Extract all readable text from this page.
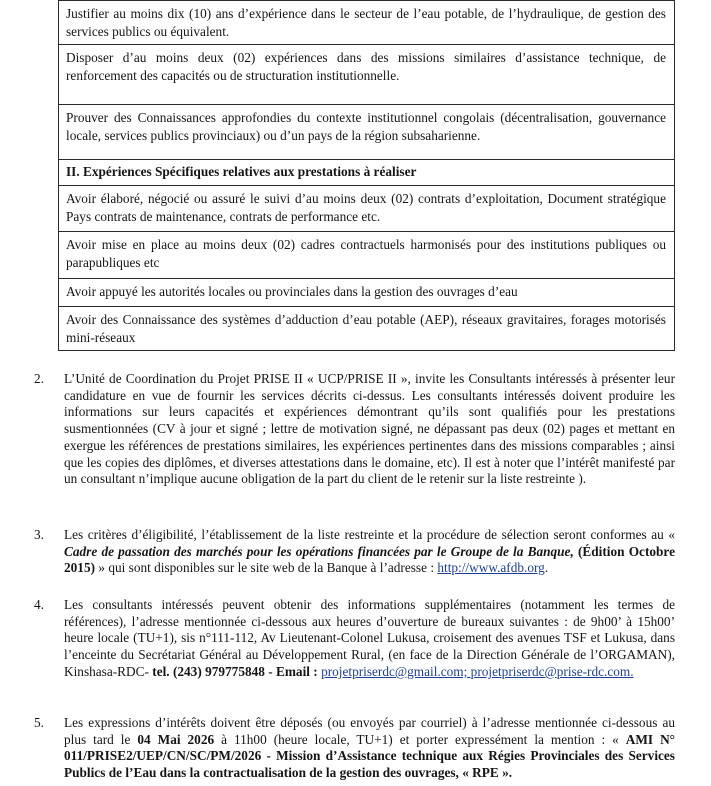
Justifier au moins dix (10) ans d’expérience dans le secteur de l’eau potable, de l’hydraulique, de gestion des services publics ou équivalent.
Disposer d’au moins deux (02) expériences dans des missions similaires d’assistance technique, de renforcement des capacités ou de structuration institutionnelle.
Prouver des Connaissances approfondies du contexte institutionnel congolais (décentralisation, gouvernance locale, services publics provinciaux) ou d’un pays de la région subsaharienne.
II. Expériences Spécifiques relatives aux prestations à réaliser
Avoir élaboré, négocié ou assuré le suivi d’au moins deux (02) contrats d’exploitation, Document stratégique Pays contrats de maintenance, contrats de performance etc.
Avoir mise en place au moins deux (02) cadres contractuels harmonisés pour des institutions publiques ou parapubliques etc
Avoir appuyé les autorités locales ou provinciales dans la gestion des ouvrages d’eau
Avoir des Connaissance des systèmes d’adduction d’eau potable (AEP), réseaux gravitaires, forages motorisés mini-réseaux
2.	L’Unité de Coordination du Projet PRISE II « UCP/PRISE II », invite les Consultants intéressés à présenter leur candidature en vue de fournir les services décrits ci-dessus. Les consultants intéressés doivent produire les informations sur leurs capacités et expériences démontrant qu’ils sont qualifiés pour les prestations susmentionnées (CV à jour et signé ; lettre de motivation signé, ne dépassant pas deux (02) pages et mettant en exergue les références de prestations similaires, les expériences pertinentes dans des missions comparables ; ainsi que les copies des diplômes, et diverses attestations dans le domaine, etc). Il est à noter que l’intérêt manifesté par un consultant n’implique aucune obligation de la part du client de le retenir sur la liste restreinte ).
3.	Les critères d’éligibilité, l’établissement de la liste restreinte et la procédure de sélection seront conformes au « Cadre de passation des marchés pour les opérations financées par le Groupe de la Banque, (Édition Octobre 2015) » qui sont disponibles sur le site web de la Banque à l’adresse : http://www.afdb.org.
4.	Les consultants intéressés peuvent obtenir des informations supplémentaires (notamment les termes de références), l’adresse mentionnée ci-dessous aux heures d’ouverture de bureaux suivantes : de 9h00’ à 15h00’ heure locale (TU+1), sis n°111-112, Av Lieutenant-Colonel Lukusa, croisement des avenues TSF et Lukusa, dans l’enceinte du Secrétariat Général au Développement Rural, (en face de la Direction Générale de l’ORGAMAN), Kinshasa-RDC- tel. (243) 979775848 - Email : projetpriserdc@gmail.com; projetpriserdc@prise-rdc.com.
5.	Les expressions d’intérêts doivent être déposés (ou envoyés par courriel) à l’adresse mentionnée ci-dessous au plus tard le 04 Mai 2026 à 11h00 (heure locale, TU+1) et porter expressément la mention : « AMI N° 011/PRISE2/UEP/CN/SC/PM/2026 - Mission d’Assistance technique aux Régies Provinciales des Services Publics de l’Eau dans la contractualisation de la gestion des ouvrages, « RPE ».
